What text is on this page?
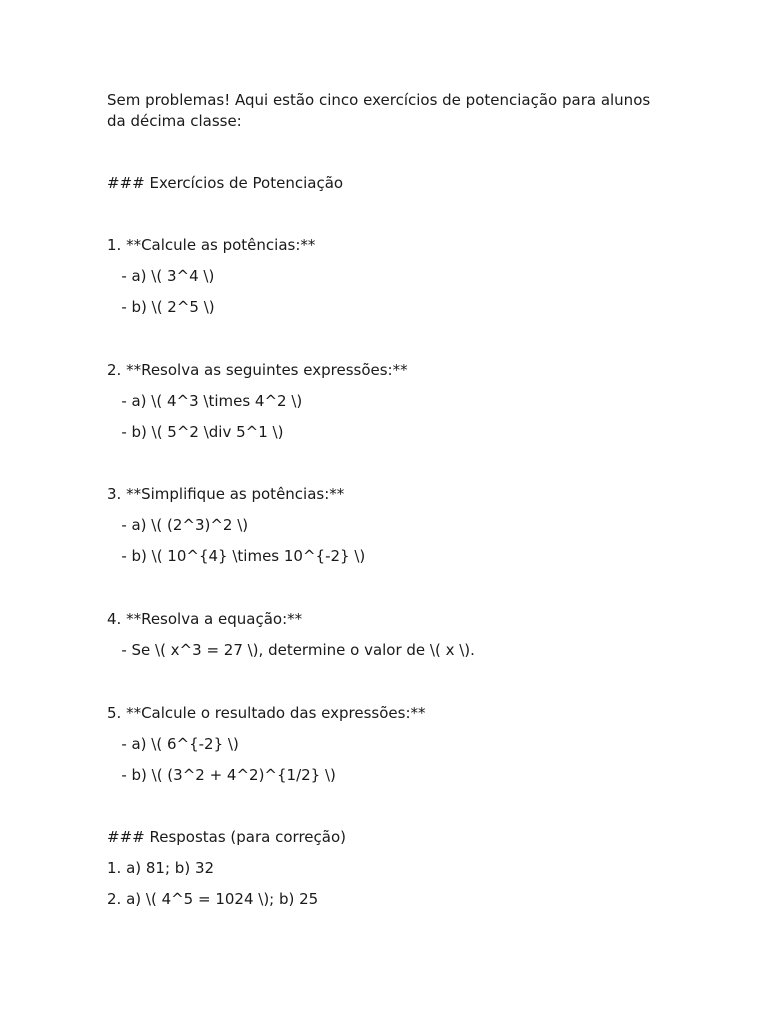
Sem problemas! Aqui estão cinco exercícios de potenciação para alunos da décima classe:

### Exercícios de Potenciação

1. **Calcule as potências:**

- a) \( 3^4 \)

- b) \( 2^5 \)

2. **Resolva as seguintes expressões:**

- a) \( 4^3 \times 4^2 \)

- b) \( 5^2 \div 5^1 \)

3. **Simplifique as potências:**

- a) \( (2^3)^2 \)

- b) \( 10^{4} \times 10^{-2} \)

4. **Resolva a equação:**

- Se \( x^3 = 27 \), determine o valor de \( x \).

5. **Calcule o resultado das expressões:**

- a) \( 6^{-2} \)

- b) \( (3^2 + 4^2)^{1/2} \)

### Respostas (para correção)

1. a) 81; b) 32

2. a) \( 4^5 = 1024 \); b) 25
